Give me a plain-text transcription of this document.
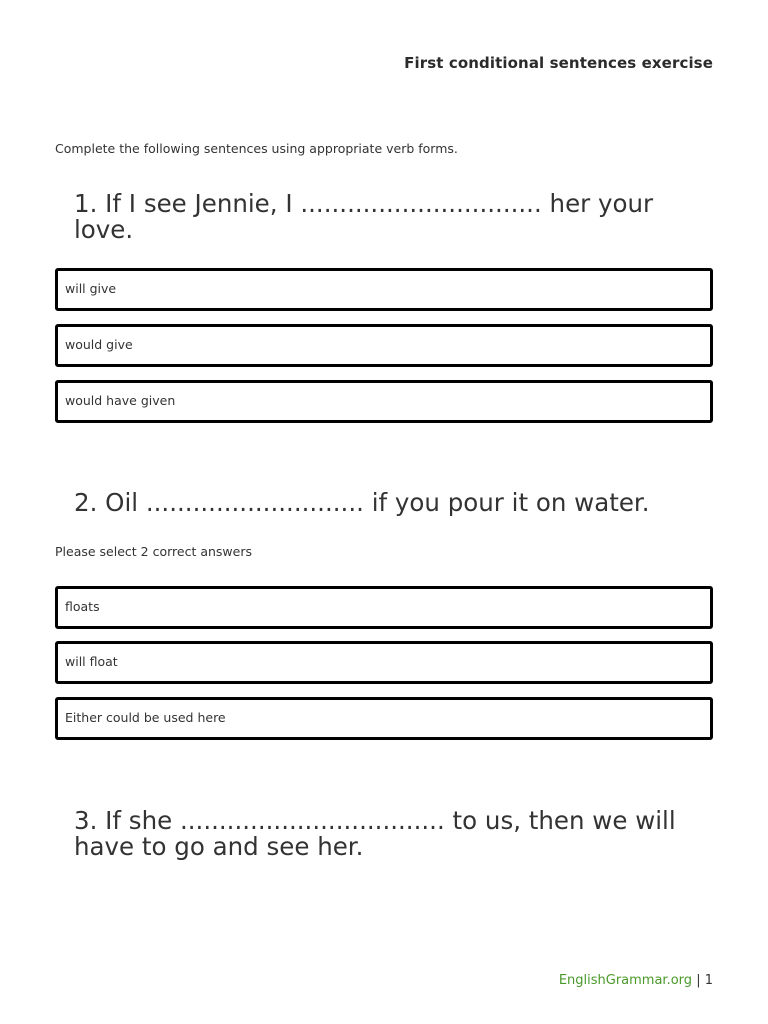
First conditional sentences exercise
Complete the following sentences using appropriate verb forms.
1. If I see Jennie, I ............................... her your love.
will give
would give
would have given
2. Oil ............................ if you pour it on water.
Please select 2 correct answers
floats
will float
Either could be used here
3. If she .................................. to us, then we will have to go and see her.
EnglishGrammar.org | 1
